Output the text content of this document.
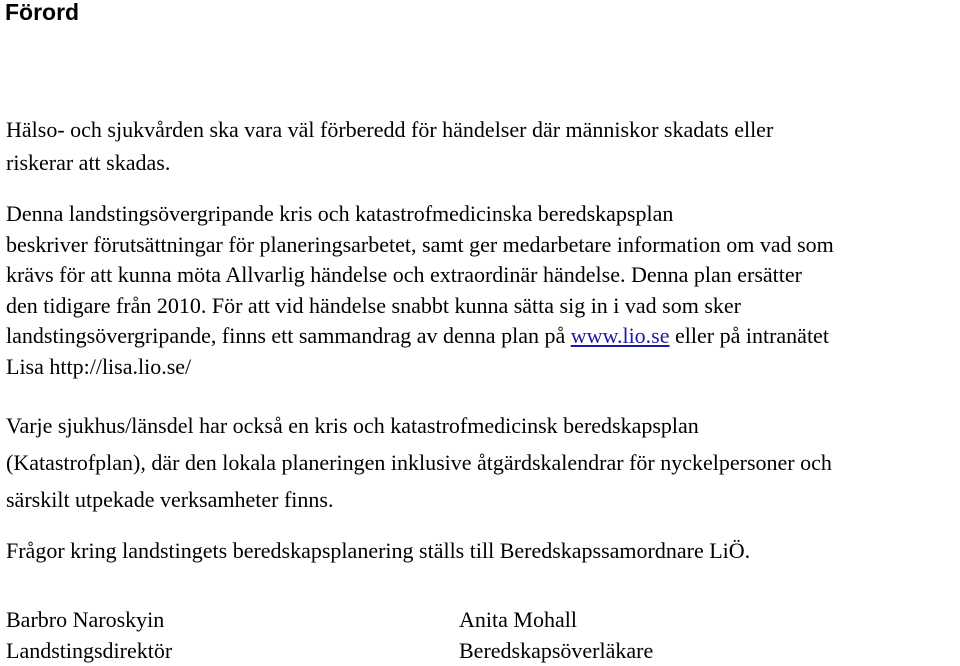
Förord

Hälso- och sjukvården ska vara väl förberedd för händelser där människor skadats eller
riskerar att skadas.

Denna landstingsövergripande kris och katastrofmedicinska beredskapsplan
beskriver förutsättningar för planeringsarbetet, samt ger medarbetare information om vad som
krävs för att kunna möta Allvarlig händelse och extraordinär händelse. Denna plan ersätter
den tidigare från 2010. För att vid händelse snabbt kunna sätta sig in i vad som sker
landstingsövergripande, finns ett sammandrag av denna plan på www.lio.se eller på intranätet
Lisa http://lisa.lio.se/

Varje sjukhus/länsdel har också en kris och katastrofmedicinsk beredskapsplan
(Katastrofplan), där den lokala planeringen inklusive åtgärdskalendrar för nyckelpersoner och
särskilt utpekade verksamheter finns.

Frågor kring landstingets beredskapsplanering ställs till Beredskapssamordnare LiÖ.

Barbro Naroskyin
Landstingsdirektör
Anita Mohall
Beredskapsöverläkare
